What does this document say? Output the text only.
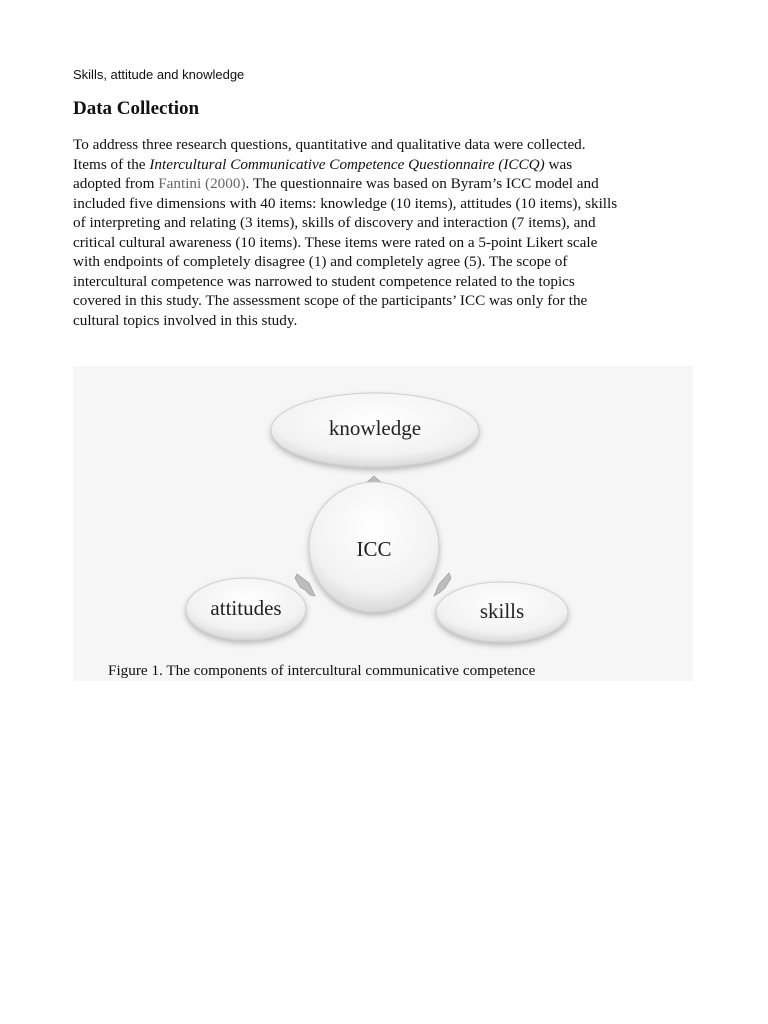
Skills, attitude and knowledge
Data Collection

To address three research questions, quantitative and qualitative data were collected.
Items of the Intercultural Communicative Competence Questionnaire (ICCQ) was
adopted from Fantini (2000). The questionnaire was based on Byram’s ICC model and
included five dimensions with 40 items: knowledge (10 items), attitudes (10 items), skills
of interpreting and relating (3 items), skills of discovery and interaction (7 items), and
critical cultural awareness (10 items). These items were rated on a 5-point Likert scale
with endpoints of completely disagree (1) and completely agree (5). The scope of
intercultural competence was narrowed to student competence related to the topics
covered in this study. The assessment scope of the participants’ ICC was only for the
cultural topics involved in this study.

knowledge
ICC
attitudes	skills

Figure 1. The components of intercultural communicative competence
